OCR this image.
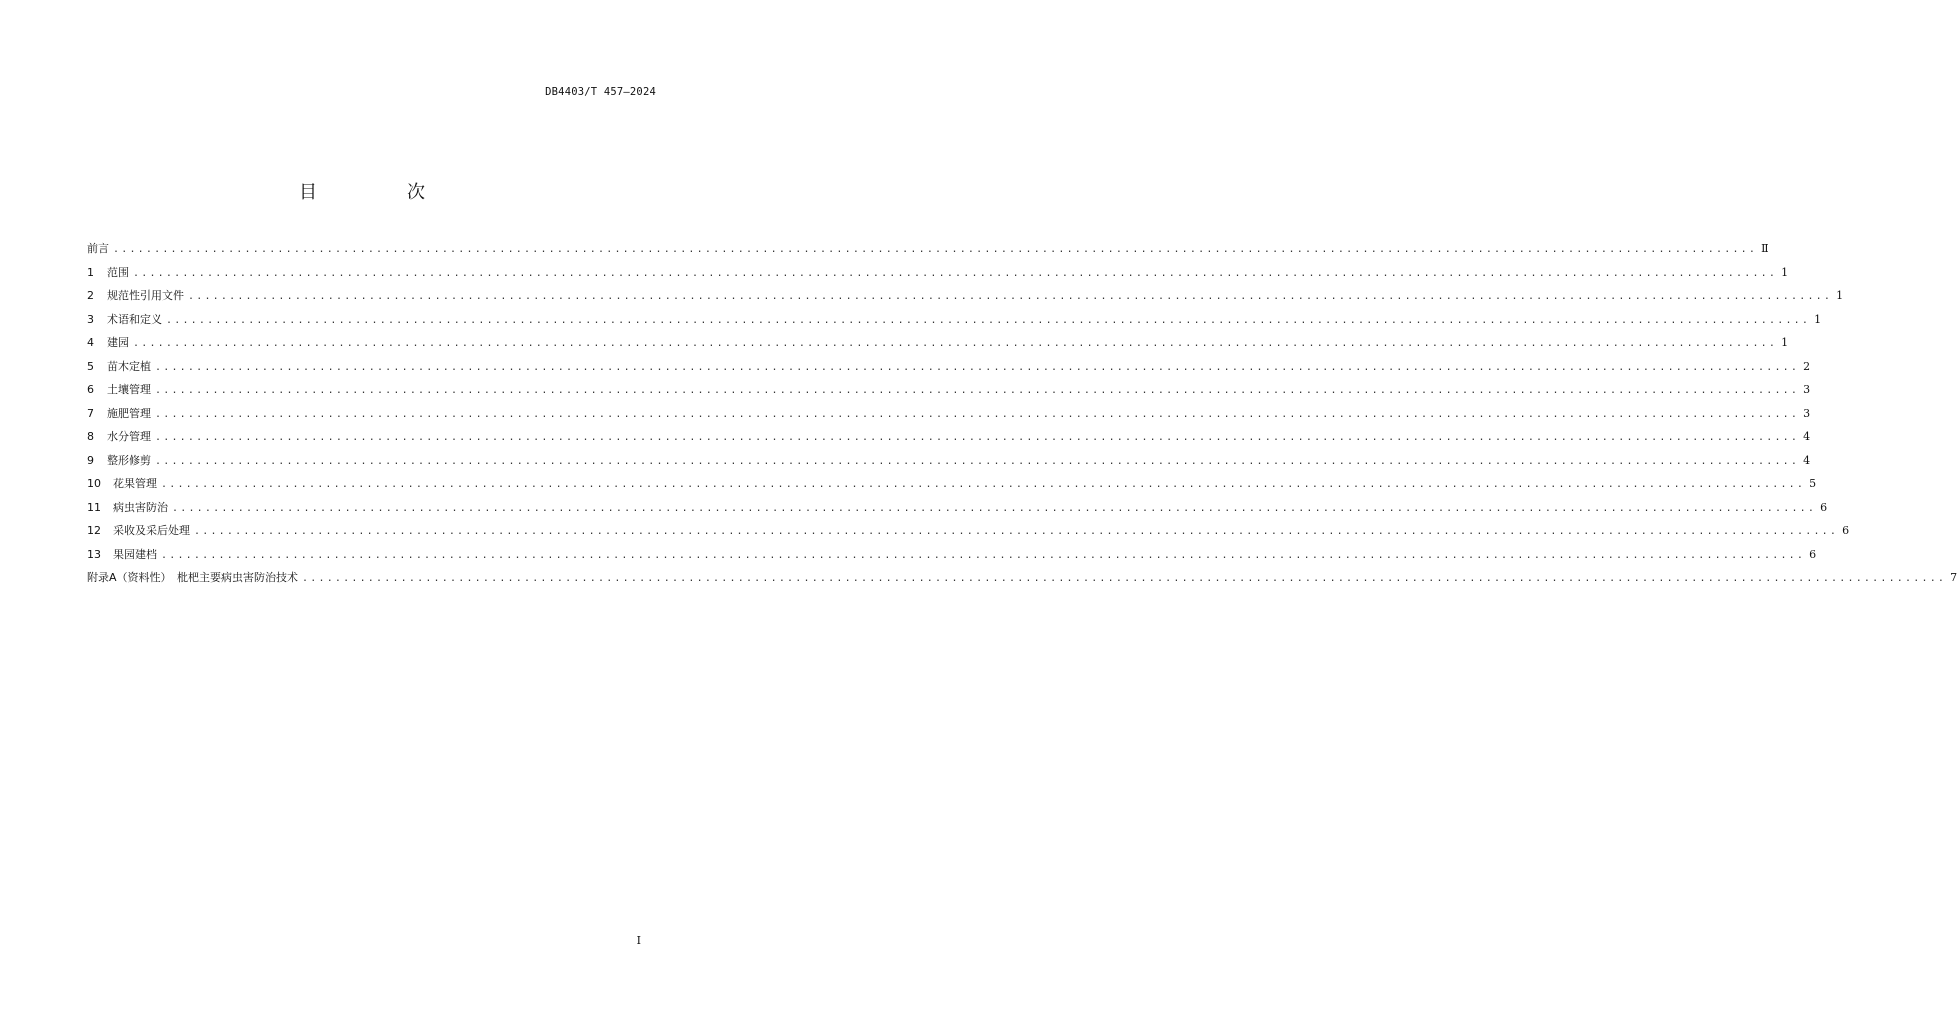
DB4403/T 457—2024
目　次
前言 ........................................................................................................................................................................................................ Ⅱ
1 范围 ........................................................................................................................................................................................................ 1
2 规范性引用文件 ........................................................................................................................................................................................................ 1
3 术语和定义 ........................................................................................................................................................................................................ 1
4 建园 ........................................................................................................................................................................................................ 1
5 苗木定植 ........................................................................................................................................................................................................ 2
6 土壤管理 ........................................................................................................................................................................................................ 3
7 施肥管理 ........................................................................................................................................................................................................ 3
8 水分管理 ........................................................................................................................................................................................................ 4
9 整形修剪 ........................................................................................................................................................................................................ 4
10 花果管理 ........................................................................................................................................................................................................ 5
11 病虫害防治 ........................................................................................................................................................................................................ 6
12 采收及采后处理 ........................................................................................................................................................................................................ 6
13 果园建档 ........................................................................................................................................................................................................ 6
附录A（资料性）　枇杷主要病虫害防治技术 ........................................................................................................................................................................................................ 7
I
